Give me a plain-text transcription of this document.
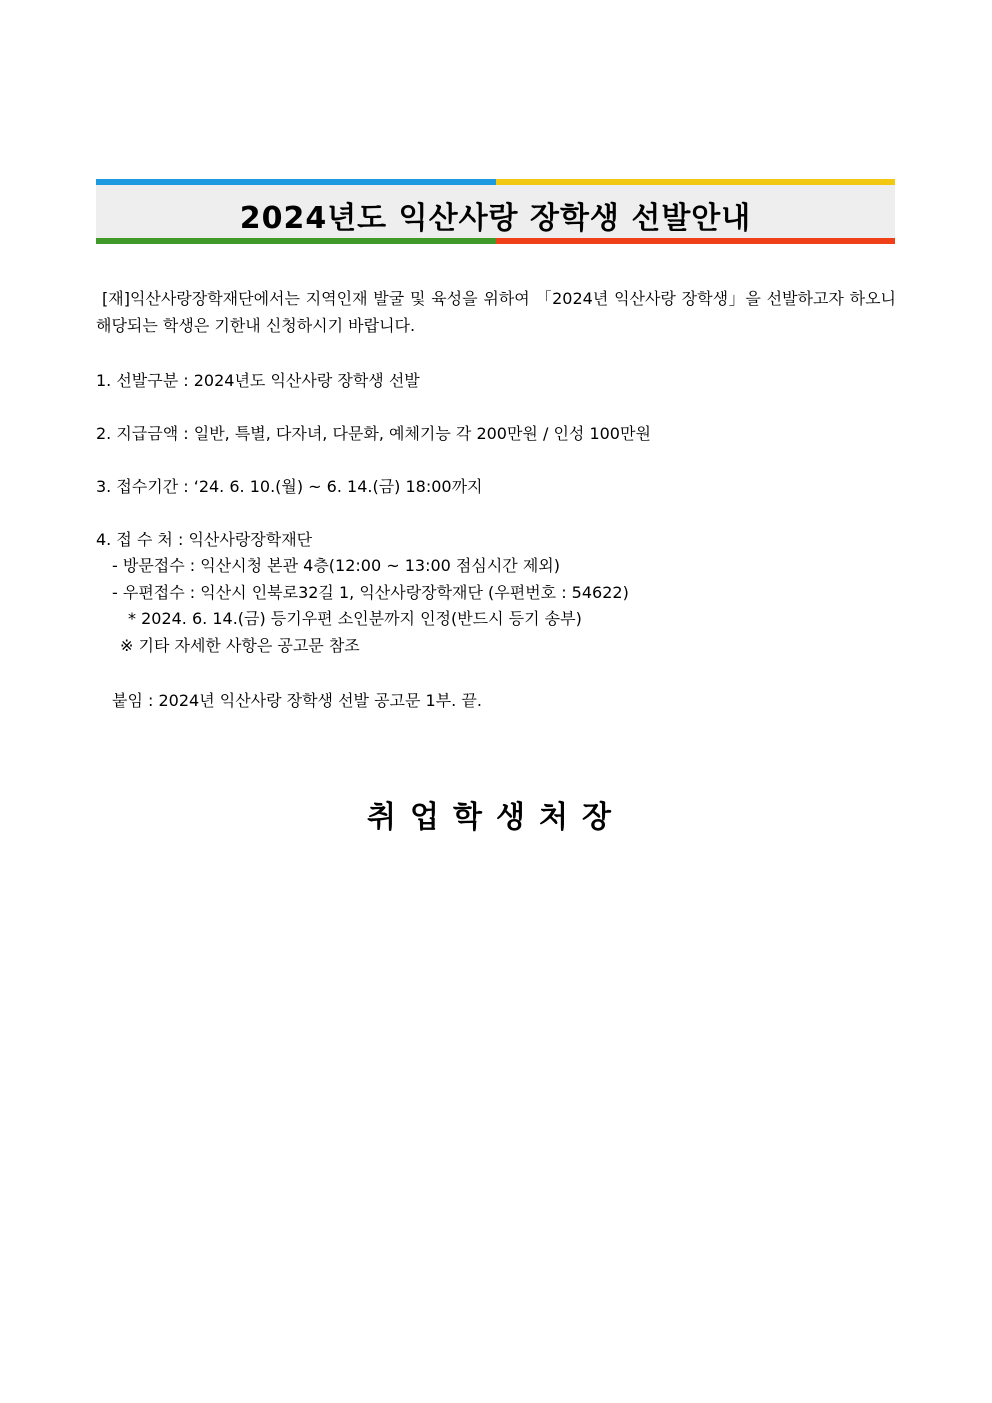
2024년도 익산사랑 장학생 선발안내
[재]익산사랑장학재단에서는 지역인재 발굴 및 육성을 위하여 「2024년 익산사랑 장학생」을 선발하고자 하오니 해당되는 학생은 기한내 신청하시기 바랍니다.
1. 선발구분 : 2024년도 익산사랑 장학생 선발
2. 지급금액 : 일반, 특별, 다자녀, 다문화, 예체기능 각 200만원 / 인성 100만원
3. 접수기간 : ‘24. 6. 10.(월) ~ 6. 14.(금) 18:00까지
4. 접 수 처 : 익산사랑장학재단
- 방문접수 : 익산시청 본관 4층(12:00 ~ 13:00 점심시간 제외)
- 우편접수 : 익산시 인북로32길 1, 익산사랑장학재단 (우편번호 : 54622)
* 2024. 6. 14.(금) 등기우편 소인분까지 인정(반드시 등기 송부)
※ 기타 자세한 사항은 공고문 참조
붙임 : 2024년 익산사랑 장학생 선발 공고문 1부. 끝.
취업학생처장
